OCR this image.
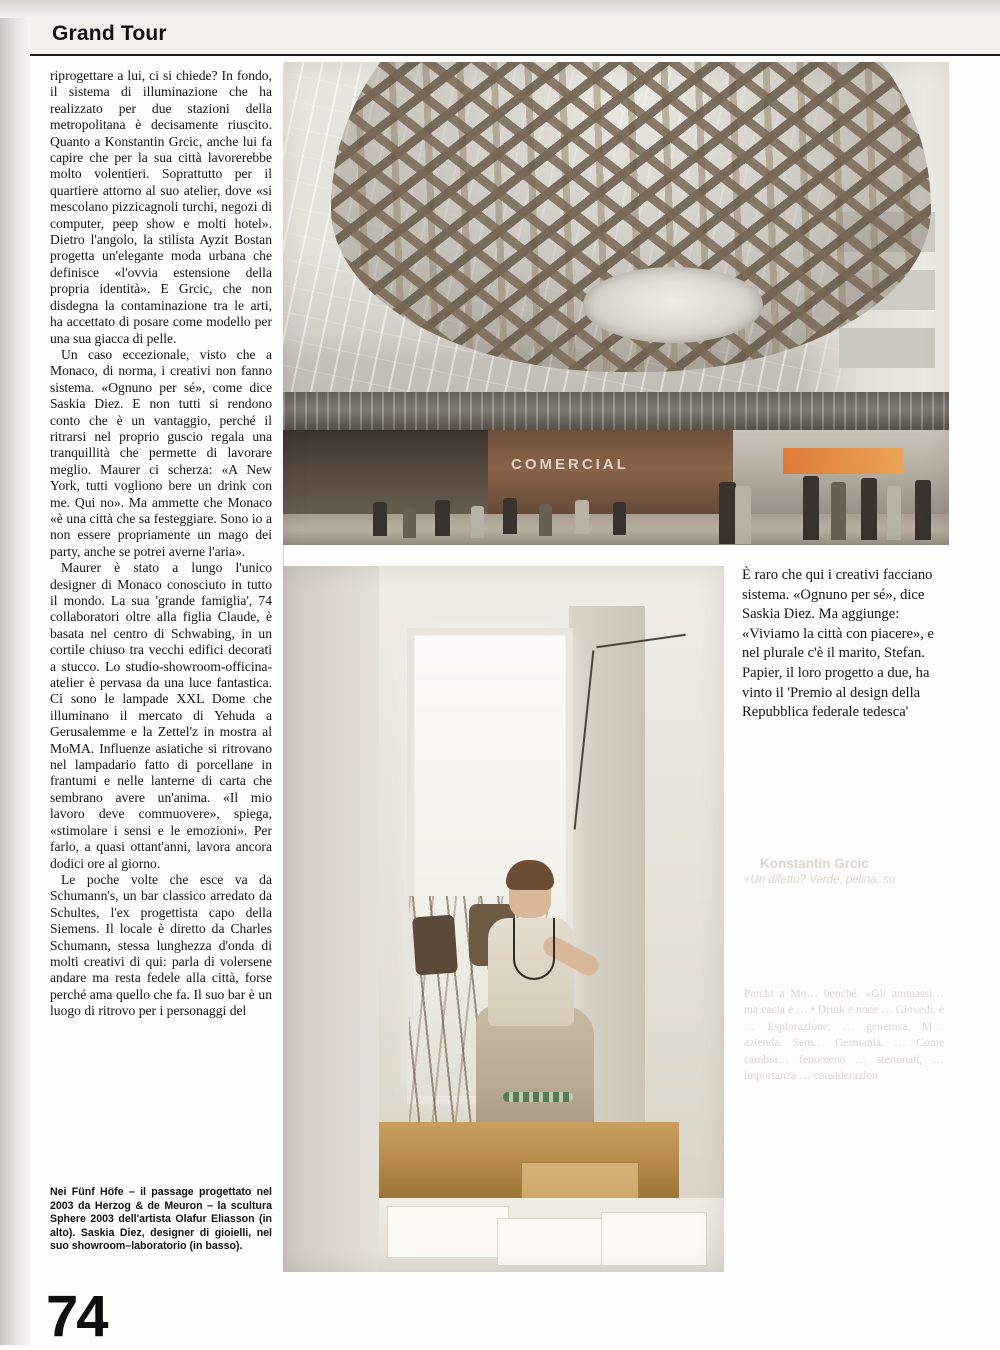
Grand Tour

riprogettare a lui, ci si chiede? In fondo, il sistema di illuminazione che ha realizzato per due stazioni della metropolitana è decisamente riuscito. Quanto a Konstantin Grcic, anche lui fa capire che per la sua città lavorerebbe molto volentieri. Soprattutto per il quartiere attorno al suo atelier, dove «si mescolano pizzicagnoli turchi, negozi di computer, peep show e molti hotel». Dietro l'angolo, la stilista Ayzit Bostan progetta un'elegante moda urbana che definisce «l'ovvia estensione della propria identità». E Grcic, che non disdegna la contaminazione tra le arti, ha accettato di posare come modello per una sua giacca di pelle.

Un caso eccezionale, visto che a Monaco, di norma, i creativi non fanno sistema. «Ognuno per sé», come dice Saskia Diez. E non tutti si rendono conto che è un vantaggio, perché il ritrarsi nel proprio guscio regala una tranquillità che permette di lavorare meglio. Maurer ci scherza: «A New York, tutti vogliono bere un drink con me. Qui no». Ma ammette che Monaco «è una città che sa festeggiare. Sono io a non essere propriamente un mago dei party, anche se potrei averne l'aria».

Maurer è stato a lungo l'unico designer di Monaco conosciuto in tutto il mondo. La sua 'grande famiglia', 74 collaboratori oltre alla figlia Claude, è basata nel centro di Schwabing, in un cortile chiuso tra vecchi edifici decorati a stucco. Lo studio-showroom-officina-atelier è pervasa da una luce fantastica. Ci sono le lampade XXL Dome che illuminano il mercato di Yehuda a Gerusalemme e la Zettel'z in mostra al MoMA. Influenze asiatiche si ritrovano nel lampadario fatto di porcellane in frantumi e nelle lanterne di carta che sembrano avere un'anima. «Il mio lavoro deve commuovere», spiega, «stimolare i sensi e le emozioni». Per farlo, a quasi ottant'anni, lavora ancora dodici ore al giorno.

Le poche volte che esce va da Schumann's, un bar classico arredato da Schultes, l'ex progettista capo della Siemens. Il locale è diretto da Charles Schumann, stessa lunghezza d'onda di molti creativi di qui: parla di volersene andare ma resta fedele alla città, forse perché ama quello che fa. Il suo bar è un luogo di ritrovo per i personaggi del

Nei Fünf Höfe – il passage progettato nel 2003 da Herzog & de Meuron – la scultura Sphere 2003 dell'artista Olafur Eliasson (in alto). Saskia Diez, designer di gioielli, nel suo showroom–laboratorio (in basso).
74
COMERCIAL
È raro che qui i creativi facciano sistema. «Ognuno per sé», dice Saskia Diez. Ma aggiunge: «Viviamo la città con piacere», e nel plurale c'è il marito, Stefan. Papier, il loro progetto a due, ha vinto il 'Premio al design della Repubblica federale tedesca'
Konstantin Grcic
«Un difetto? Verde, pelina, su
Parchi a Mo… benché. «Gli ammassi… ma cacia è … • Drink e noce … Giovedì, è … Esplorazione, … generosa, M… azienda. Sem… Germania. … Come cambia… fenomeno … stemmati, … importanza … considerazion
